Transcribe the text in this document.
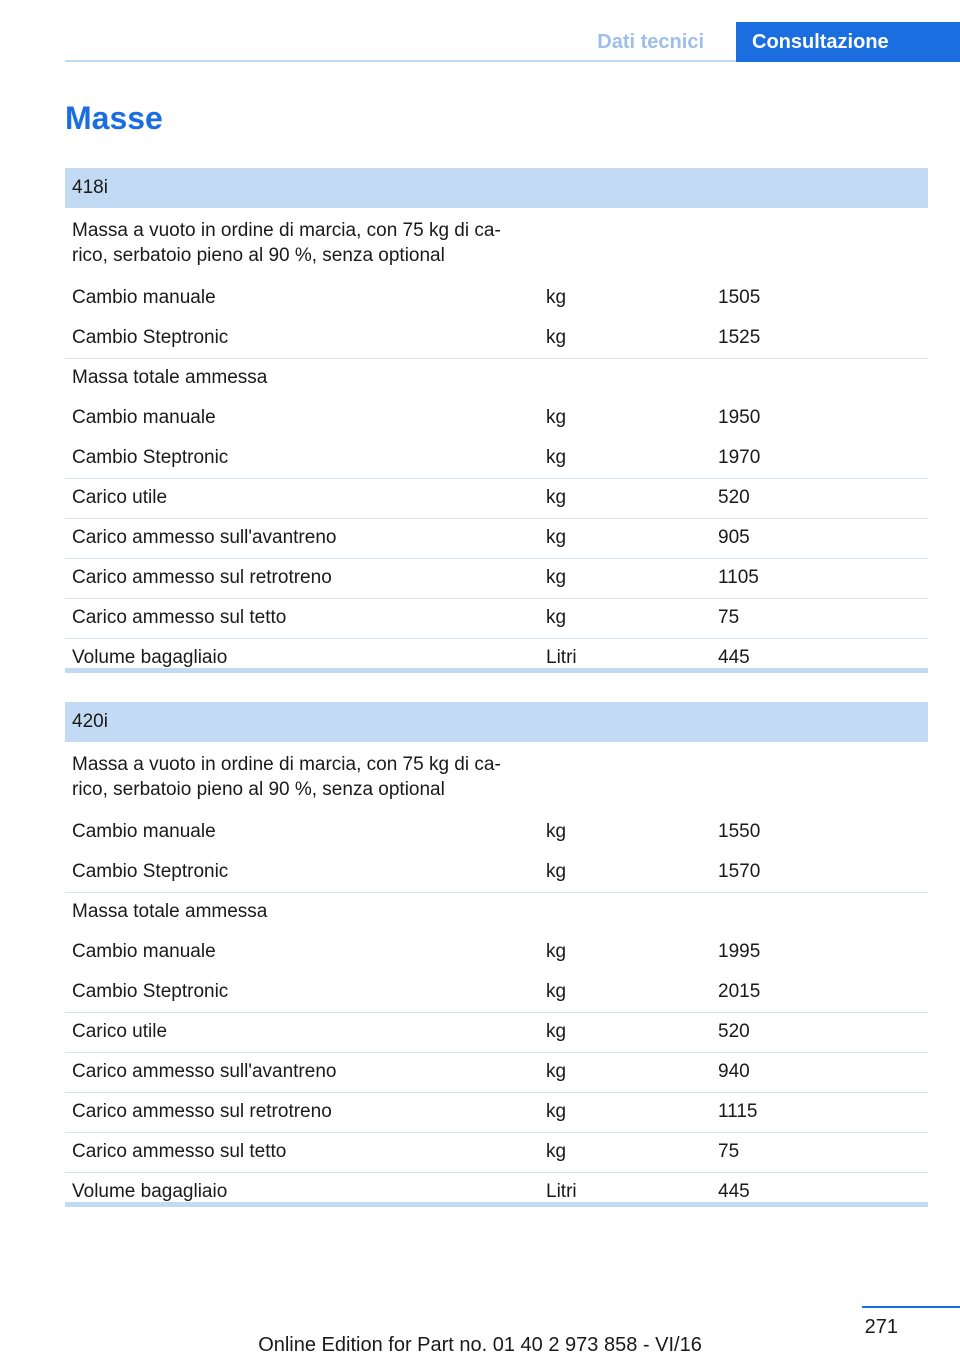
Dati tecnici	Consultazione
Masse
418i		
Massa a vuoto in ordine di marcia, con 75 kg di ca-rico, serbatoio pieno al 90 %, senza optional		
Cambio manuale	kg	1505
Cambio Steptronic	kg	1525
Massa totale ammessa		
Cambio manuale	kg	1950
Cambio Steptronic	kg	1970
Carico utile	kg	520
Carico ammesso sull'avantreno	kg	905
Carico ammesso sul retrotreno	kg	1105
Carico ammesso sul tetto	kg	75
Volume bagagliaio	Litri	445
420i		
Massa a vuoto in ordine di marcia, con 75 kg di ca-rico, serbatoio pieno al 90 %, senza optional		
Cambio manuale	kg	1550
Cambio Steptronic	kg	1570
Massa totale ammessa		
Cambio manuale	kg	1995
Cambio Steptronic	kg	2015
Carico utile	kg	520
Carico ammesso sull'avantreno	kg	940
Carico ammesso sul retrotreno	kg	1115
Carico ammesso sul tetto	kg	75
Volume bagagliaio	Litri	445
271
Online Edition for Part no. 01 40 2 973 858 - VI/16
